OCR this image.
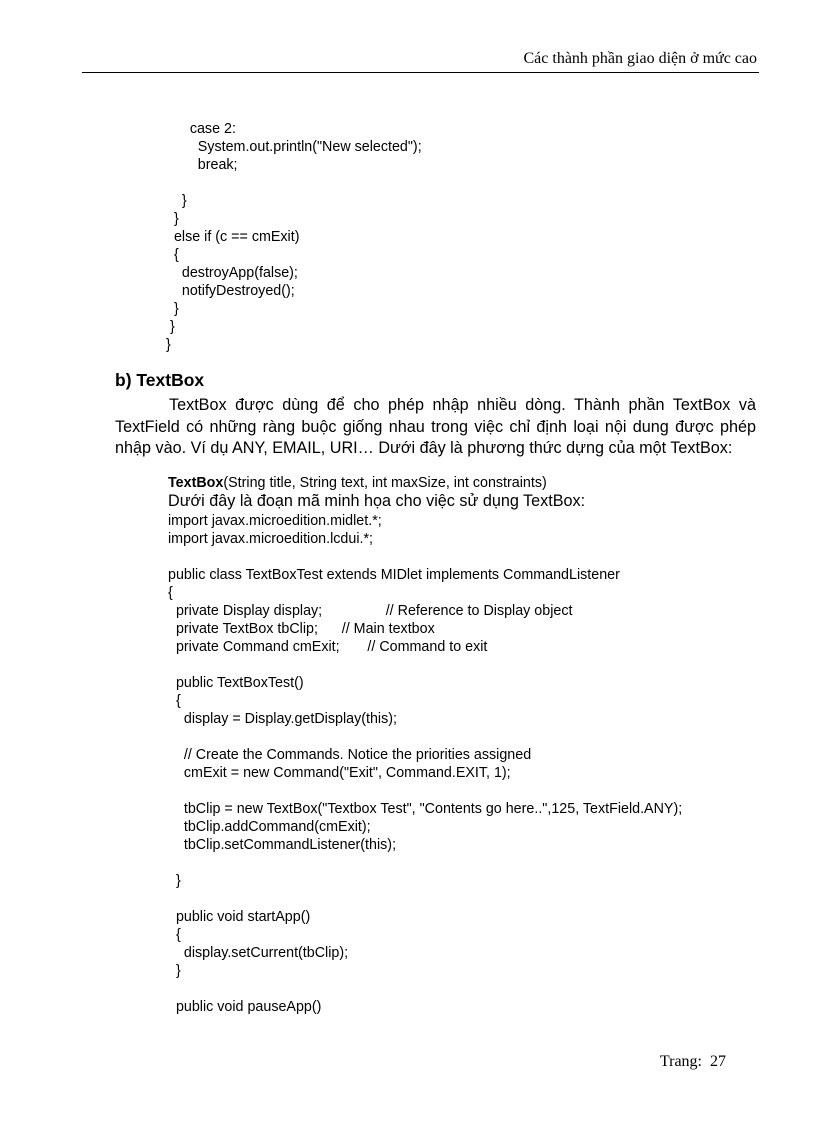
Các thành phần giao diện ở mức cao
case 2:
System.out.println("New selected");
break;
}
}
else if (c == cmExit)
{
destroyApp(false);
notifyDestroyed();
}
}
}
b) TextBox

TextBox được dùng để cho phép nhập nhiều dòng. Thành phần TextBox và TextField có những ràng buộc giống nhau trong việc chỉ định loại nội dung được phép nhập vào. Ví dụ ANY, EMAIL, URI… Dưới đây là phương thức dựng của một TextBox:

TextBox(String title, String text, int maxSize, int constraints)
Dưới đây là đoạn mã minh họa cho việc sử dụng TextBox:
import javax.microedition.midlet.*;
import javax.microedition.lcdui.*;
public class TextBoxTest extends MIDlet implements CommandListener
{
private Display display;                // Reference to Display object
private TextBox tbClip;      // Main textbox
private Command cmExit;       // Command to exit
public TextBoxTest()
{
display = Display.getDisplay(this);
// Create the Commands. Notice the priorities assigned
cmExit = new Command("Exit", Command.EXIT, 1);
tbClip = new TextBox("Textbox Test", "Contents go here..",125, TextField.ANY);
tbClip.addCommand(cmExit);
tbClip.setCommandListener(this);
}
public void startApp()
{
display.setCurrent(tbClip);
}
public void pauseApp()
Trang:  27
